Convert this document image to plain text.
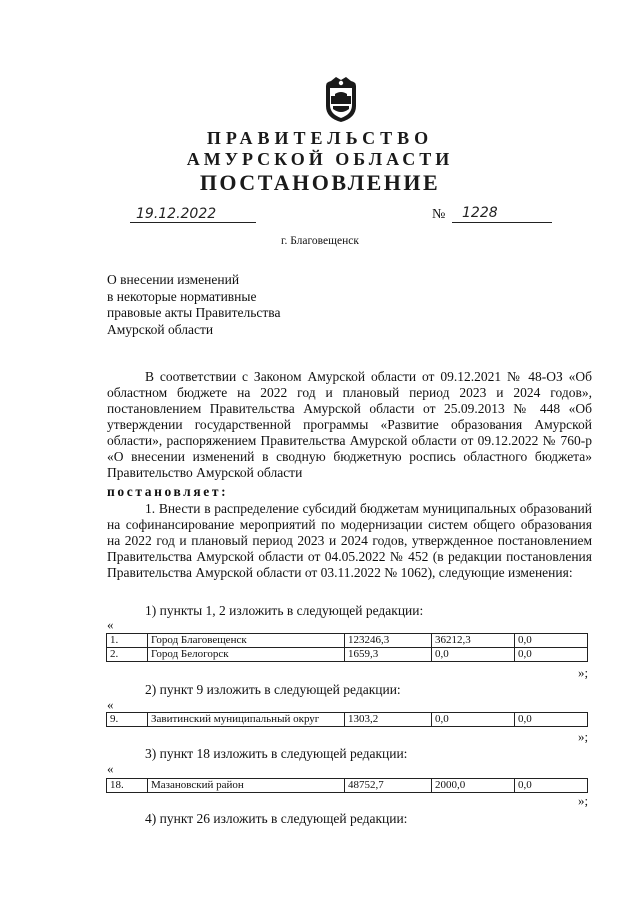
ПРАВИТЕЛЬСТВО
АМУРСКОЙ ОБЛАСТИ
ПОСТАНОВЛЕНИЕ
19.12.2022	№ 1228
г. Благовещенск
О внесении изменений
в некоторые нормативные
правовые акты Правительства
Амурской области
В соответствии с Законом Амурской области от 09.12.2021 № 48-ОЗ «Об областном бюджете на 2022 год и плановый период 2023 и 2024 годов», постановлением Правительства Амурской области от 25.09.2013 № 448 «Об утверждении государственной программы «Развитие образования Амурской области», распоряжением Правительства Амурской области от 09.12.2022 № 760-р «О внесении изменений в сводную бюджетную роспись областного бюджета» Правительство Амурской области
постановляет:
1. Внести в распределение субсидий бюджетам муниципальных образований на софинансирование мероприятий по модернизации систем общего образования на 2022 год и плановый период 2023 и 2024 годов, утвержденное постановлением Правительства Амурской области от 04.05.2022 № 452 (в редакции постановления Правительства Амурской области от 03.11.2022 № 1062), следующие изменения:
1) пункты 1, 2 изложить в следующей редакции:
«
1.	Город Благовещенск	123246,3	36212,3	0,0
2.	Город Белогорск	1659,3	0,0	0,0
»;
2) пункт 9 изложить в следующей редакции:
«
9.	Завитинский муниципальный округ	1303,2	0,0	0,0
»;
3) пункт 18 изложить в следующей редакции:
«
18.	Мазановский район	48752,7	2000,0	0,0
»;
4) пункт 26 изложить в следующей редакции:
